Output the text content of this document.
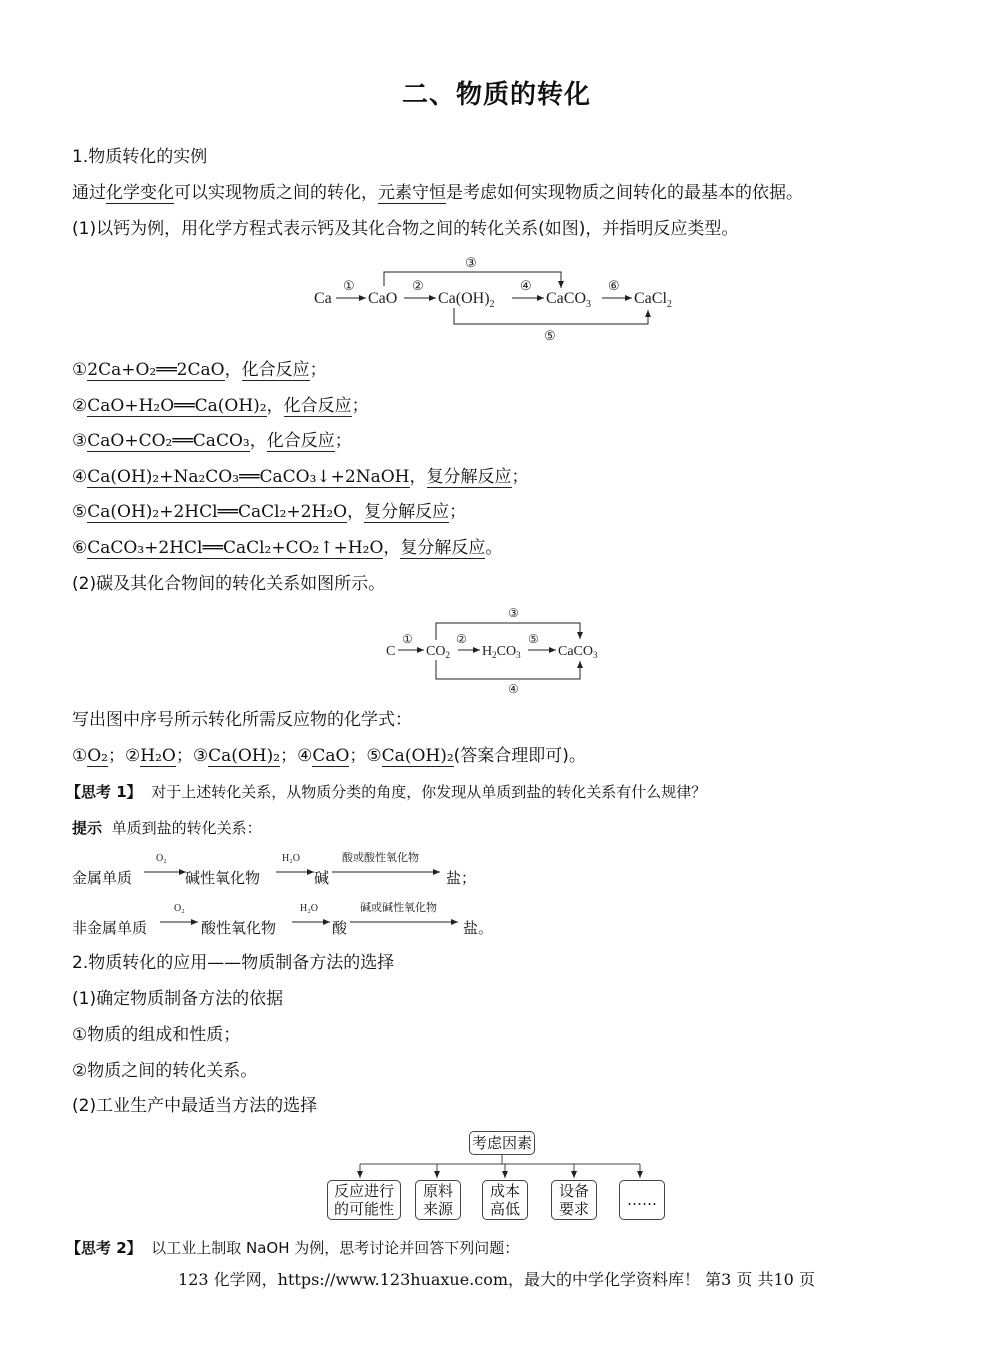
二、物质的转化
1.物质转化的实例
通过化学变化可以实现物质之间的转化，元素守恒是考虑如何实现物质之间转化的最基本的依据。
(1)以钙为例，用化学方程式表示钙及其化合物之间的转化关系(如图)，并指明反应类型。
Ca
①
CaO
②
$Ca(OH)_2$
④
CaCO$_3$
⑥
CaCl$_2$
③
⑤
①2Ca+O₂══2CaO，化合反应；
②CaO+H₂O══Ca(OH)₂，化合反应；
③CaO+CO₂══CaCO₃，化合反应；
④Ca(OH)₂+Na₂CO₃══CaCO₃↓+2NaOH，复分解反应；
⑤Ca(OH)₂+2HCl══CaCl₂+2H₂O，复分解反应；
⑥CaCO₃+2HCl══CaCl₂+CO₂↑+H₂O，复分解反应。
(2)碳及其化合物间的转化关系如图所示。
C
①
$CO_2$
②
$H_2CO_3$
⑤
CaCO$_3$
③
④
写出图中序号所示转化所需反应物的化学式：
①O₂；②H₂O；③Ca(OH)₂；④CaO；⑤Ca(OH)₂(答案合理即可)。
【思考 1】 对于上述转化关系，从物质分类的角度，你发现从单质到盐的转化关系有什么规律？
提示 单质到盐的转化关系：
金属单质
O₂
碱性氧化物
H₂O
碱
酸或酸性氧化物
盐；
非金属单质
O₂
酸性氧化物
H₂O
酸
碱或碱性氧化物
盐。
2.物质转化的应用——物质制备方法的选择
(1)确定物质制备方法的依据
①物质的组成和性质；
②物质之间的转化关系。
(2)工业生产中最适当方法的选择
考虑因素
反应进行的可能性
原料来源
成本高低
设备要求	……
【思考 2】 以工业上制取 NaOH 为例，思考讨论并回答下列问题：
123 化学网，https://www.123huaxue.com，最大的中学化学资料库！ 第3 页 共10 页
